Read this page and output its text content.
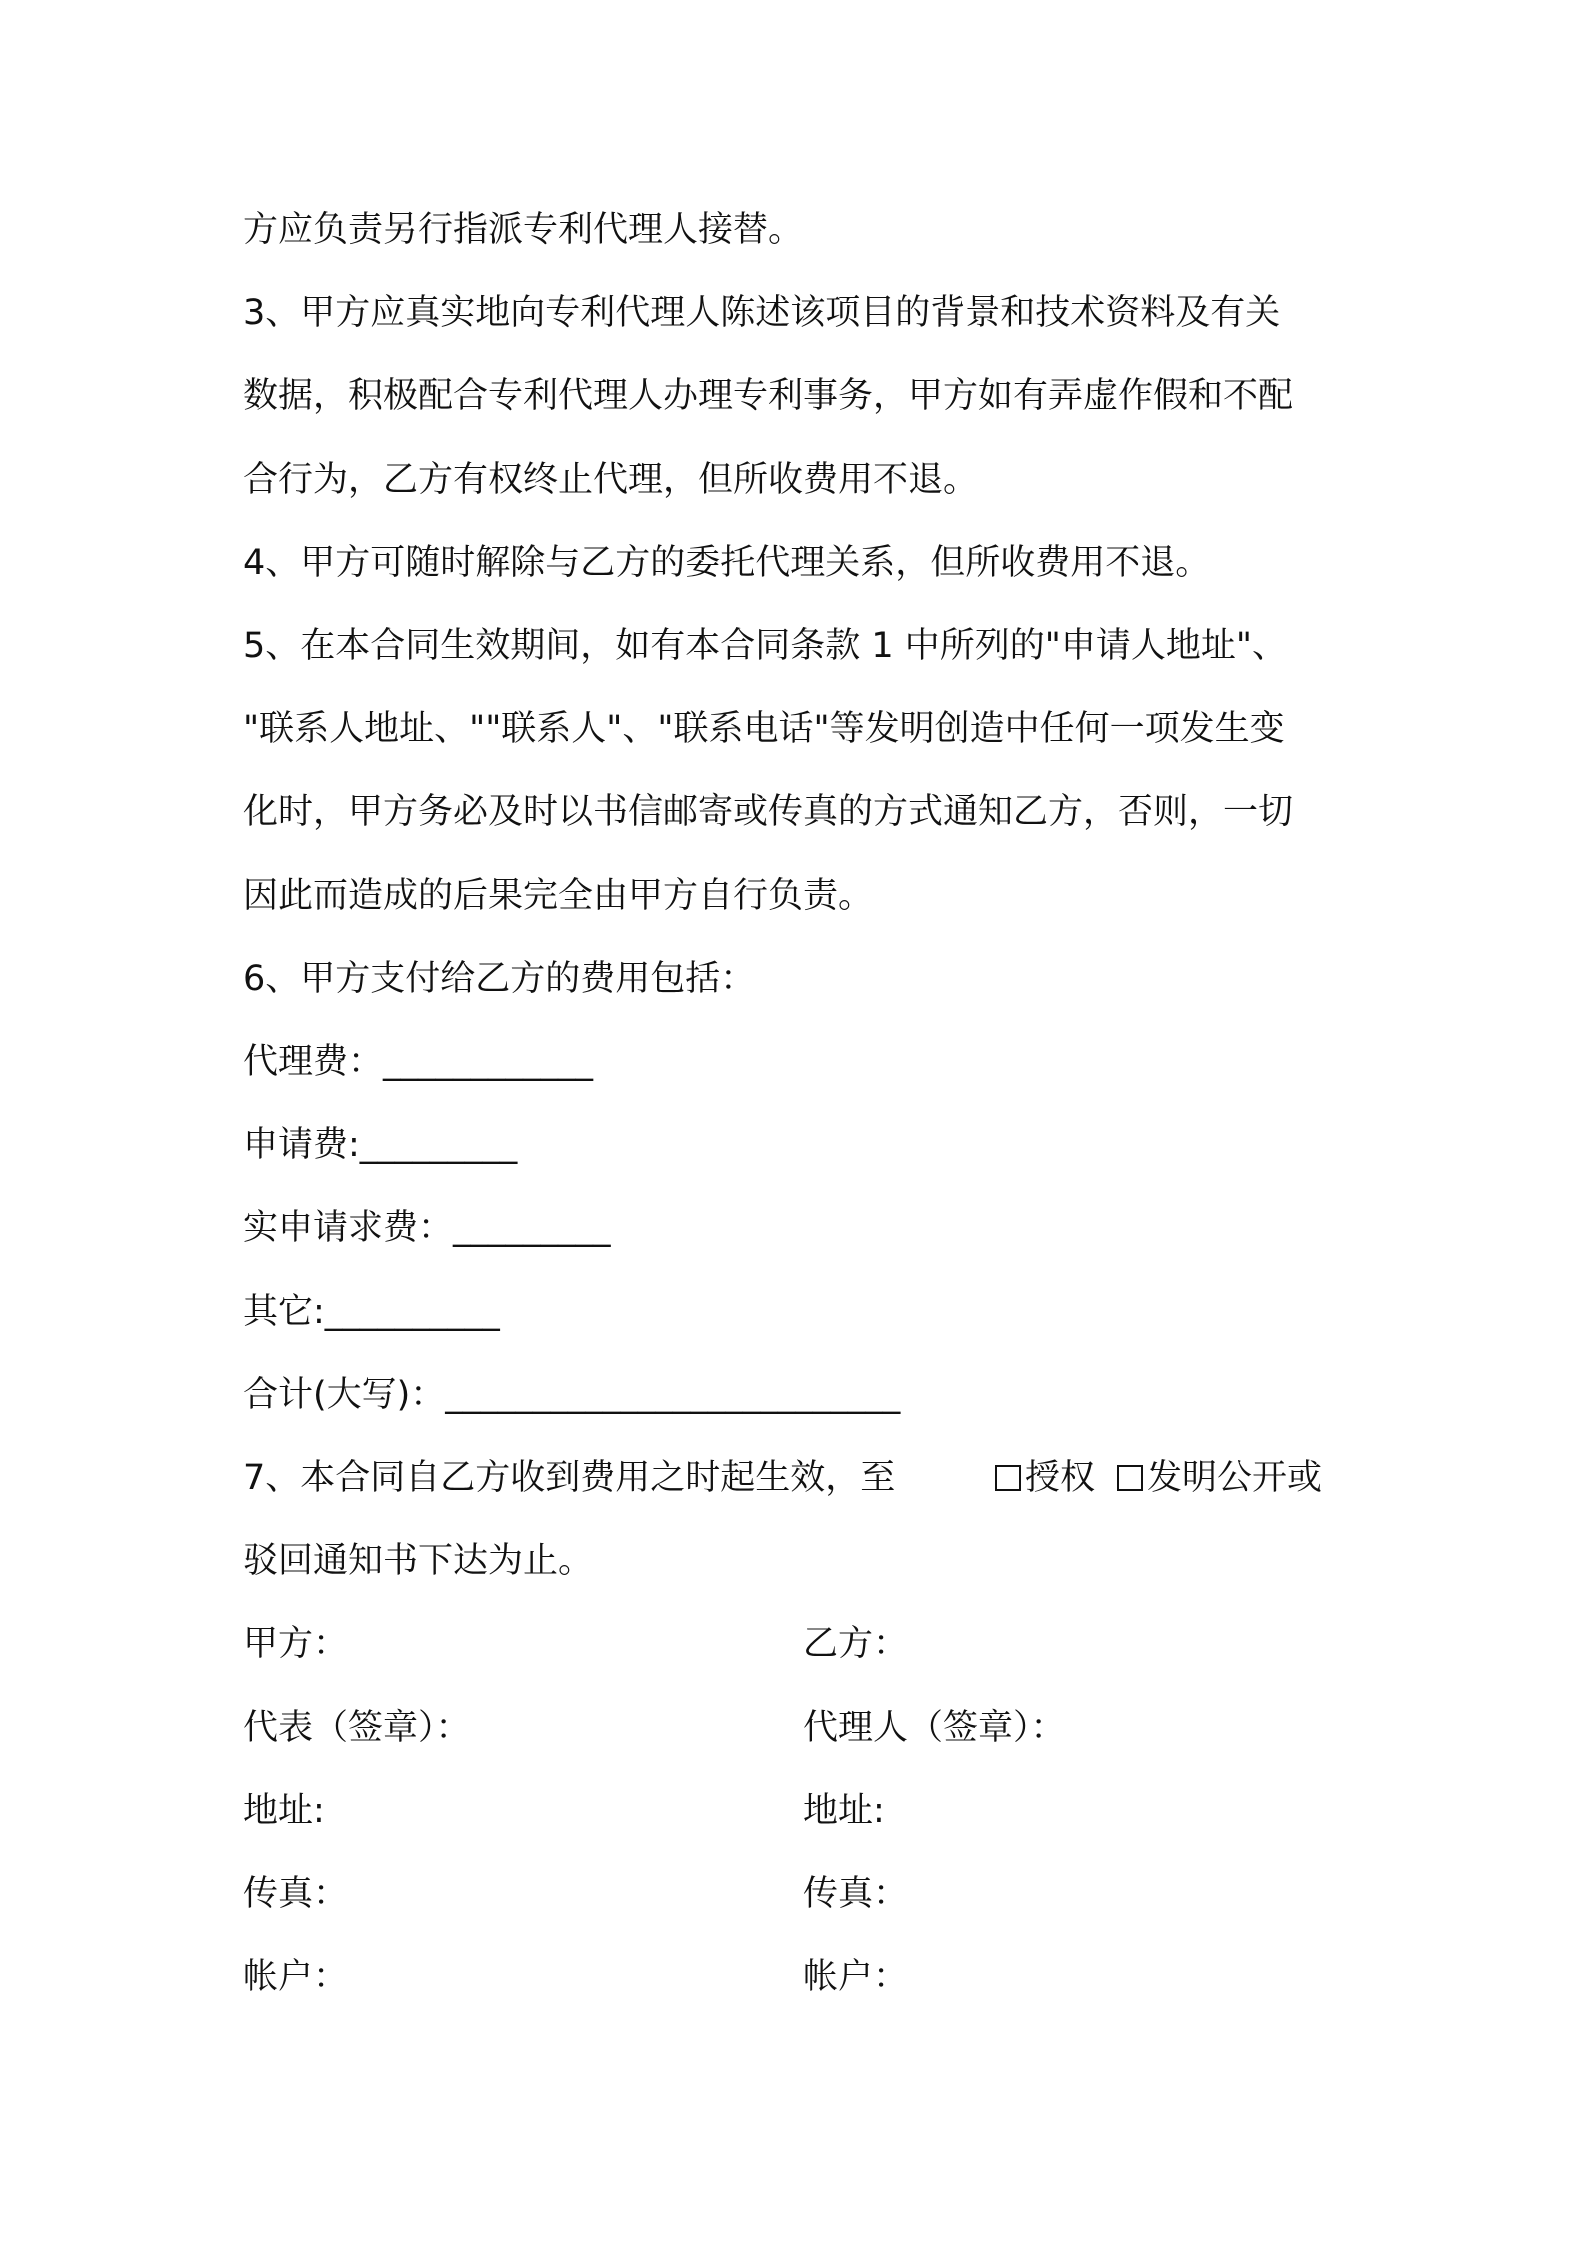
方应负责另行指派专利代理人接替。
3、甲方应真实地向专利代理人陈述该项目的背景和技术资料及有关
数据，积极配合专利代理人办理专利事务，甲方如有弄虚作假和不配
合行为，乙方有权终止代理，但所收费用不退。
4、甲方可随时解除与乙方的委托代理关系，但所收费用不退。
5、在本合同生效期间，如有本合同条款 1 中所列的"申请人地址"、
"联系人地址、""联系人"、"联系电话"等发明创造中任何一项发生变
化时，甲方务必及时以书信邮寄或传真的方式通知乙方，否则，一切
因此而造成的后果完全由甲方自行负责。
6、甲方支付给乙方的费用包括：
代理费：____________
申请费:_________
实申请求费：_________
其它:__________
合计(大写)：__________________________
7、本合同自乙方收到费用之时起生效，至	授权 发明公开或
驳回通知书下达为止。
甲方：	乙方：
代表（签章）：	代理人（签章）：
地址:	地址:
传真：	传真：
帐户：	帐户：
